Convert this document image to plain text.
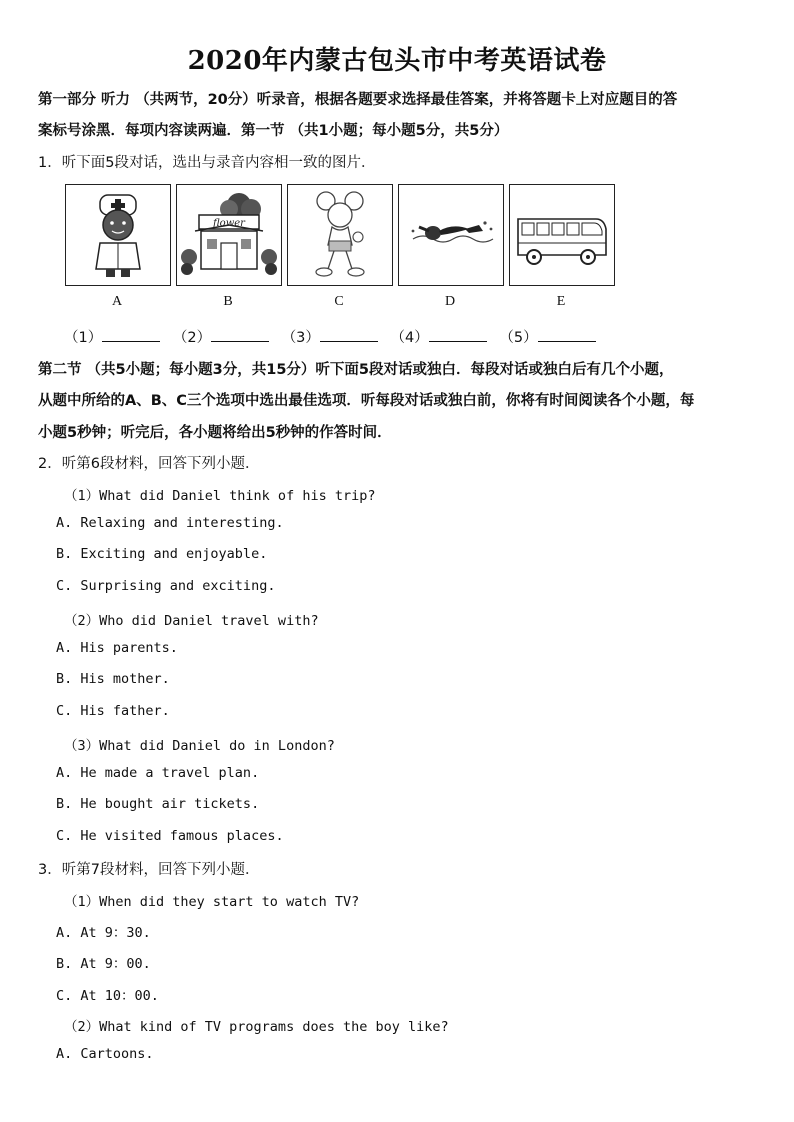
2020年内蒙古包头市中考英语试卷
第一部分 听力 （共两节，20分）听录音，根据各题要求选择最佳答案，并将答题卡上对应题目的答
案标号涂黑．每项内容读两遍．第一节 （共1小题；每小题5分，共5分）
1．听下面5段对话，选出与录音内容相一致的图片．
A
flower
B	C	D	E
（1）	（2）	（3）	（4）	（5）
第二节 （共5小题；每小题3分，共15分）听下面5段对话或独白．每段对话或独白后有几个小题，
从题中所给的A、B、C三个选项中选出最佳选项．听每段对话或独白前，你将有时间阅读各个小题，每
小题5秒钟；听完后，各小题将给出5秒钟的作答时间．
2．听第6段材料，回答下列小题．
（1）What did Daniel think of his trip?
A. Relaxing and interesting.
B. Exciting and enjoyable.
C. Surprising and exciting.
（2）Who did Daniel travel with?
A. His parents.
B. His mother.
C. His father.
（3）What did Daniel do in London?
A. He made a travel plan.
B. He bought air tickets.
C. He visited famous places.
3．听第7段材料，回答下列小题．
（1）When did they start to watch TV?
A. At 9：30.
B. At 9：00.
C. At 10：00.
（2）What kind of TV programs does the boy like?
A. Cartoons.
